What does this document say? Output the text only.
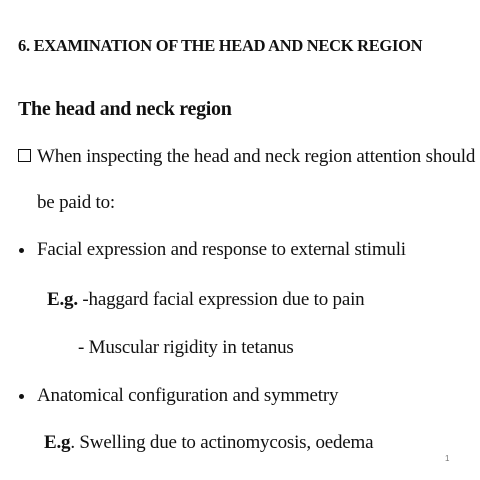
6. EXAMINATION OF THE HEAD AND NECK REGION
The head and neck region
When inspecting the head and neck region attention should
be paid to:
Facial expression and response to external stimuli
E.g. -haggard facial expression due to pain
- Muscular rigidity in tetanus
Anatomical configuration and symmetry
E.g. Swelling due to actinomycosis, oedema
1
